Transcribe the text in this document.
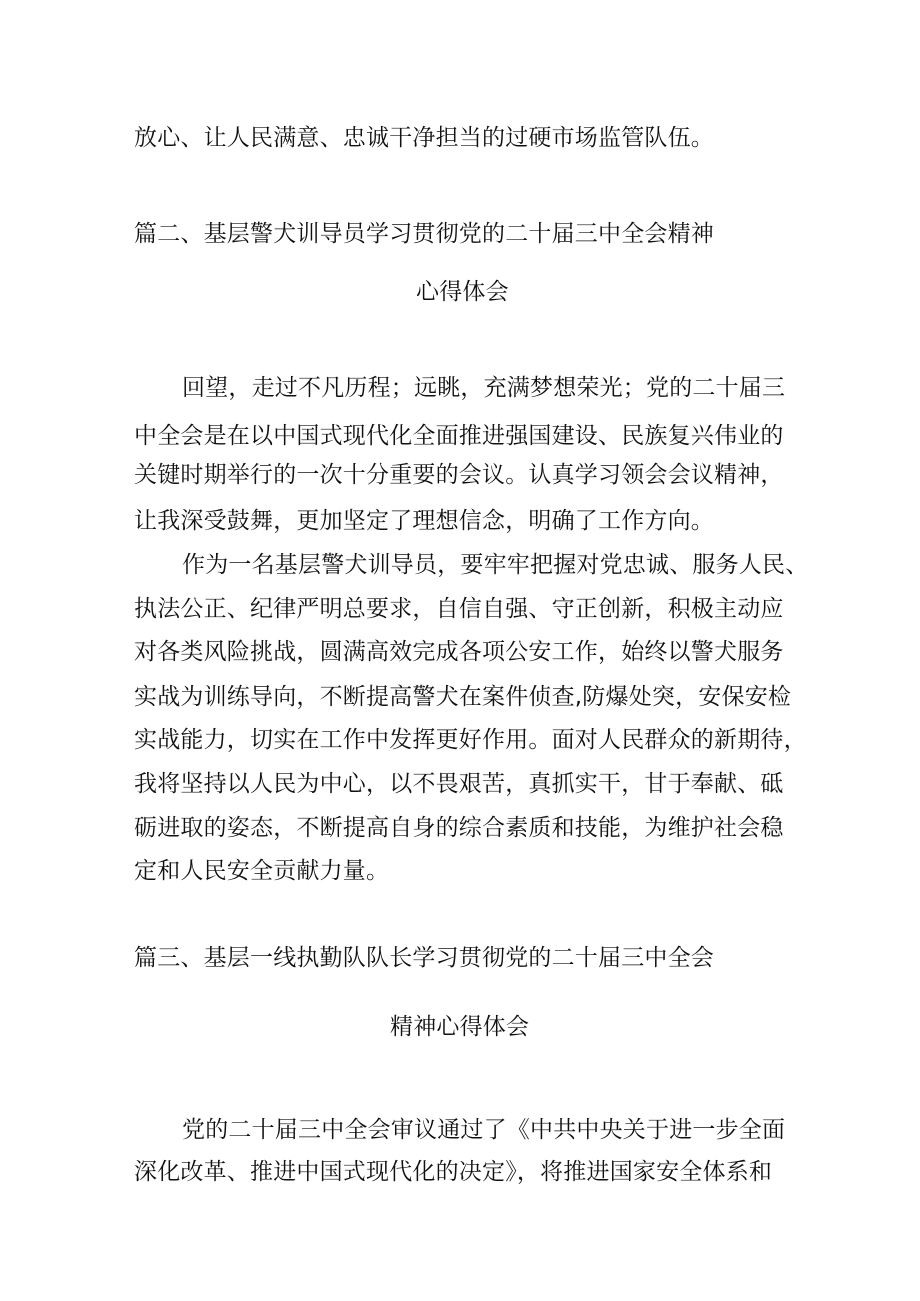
放心、让人民满意、忠诚干净担当的过硬市场监管队伍。
篇二、基层警犬训导员学习贯彻党的二十届三中全会精神
心得体会
回望，走过不凡历程；远眺，充满梦想荣光；党的二十届三
中全会是在以中国式现代化全面推进强国建设、民族复兴伟业的
关键时期举行的一次十分重要的会议。认真学习领会会议精神，
让我深受鼓舞，更加坚定了理想信念，明确了工作方向。
作为一名基层警犬训导员，要牢牢把握对党忠诚、服务人民、
执法公正、纪律严明总要求，自信自强、守正创新，积极主动应
对各类风险挑战，圆满高效完成各项公安工作，始终以警犬服务
实战为训练导向，不断提高警犬在案件侦查,防爆处突，安保安检
实战能力，切实在工作中发挥更好作用。面对人民群众的新期待，
我将坚持以人民为中心，以不畏艰苦，真抓实干，甘于奉献、砥
砺进取的姿态，不断提高自身的综合素质和技能，为维护社会稳
定和人民安全贡献力量。
篇三、基层一线执勤队队长学习贯彻党的二十届三中全会
精神心得体会
党的二十届三中全会审议通过了《中共中央关于进一步全面
深化改革、推进中国式现代化的决定》，将推进国家安全体系和
